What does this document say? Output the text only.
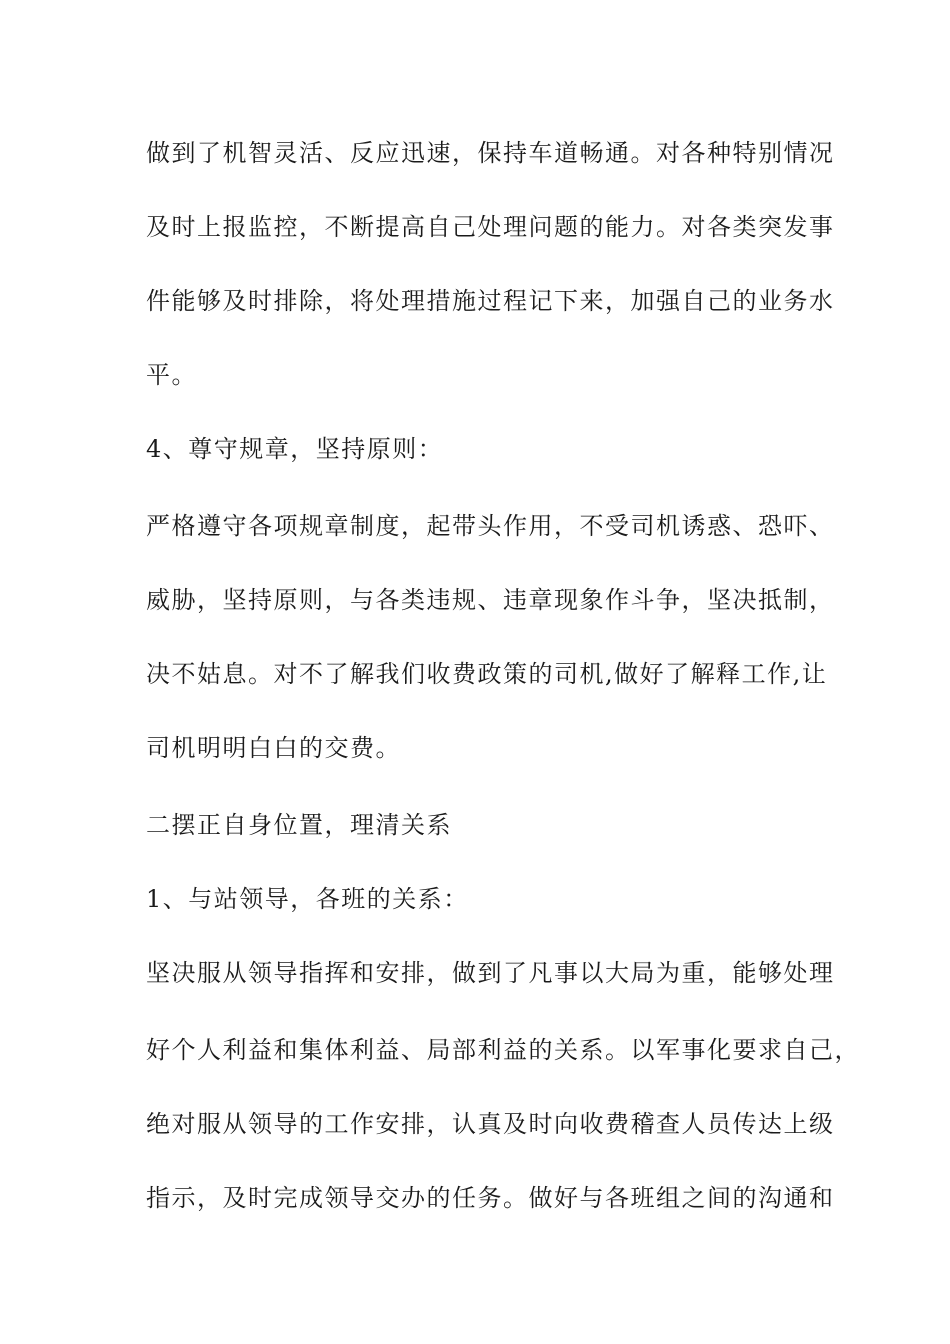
做到了机智灵活、反应迅速，保持车道畅通。对各种特别情况
及时上报监控，不断提高自己处理问题的能力。对各类突发事
件能够及时排除，将处理措施过程记下来，加强自己的业务水
平。
4、尊守规章，坚持原则：
严格遵守各项规章制度，起带头作用，不受司机诱惑、恐吓、
威胁，坚持原则，与各类违规、违章现象作斗争，坚决抵制，
决不姑息。对不了解我们收费政策的司机,做好了解释工作,让
司机明明白白的交费。
二摆正自身位置，理清关系
1、与站领导，各班的关系：
坚决服从领导指挥和安排，做到了凡事以大局为重，能够处理
好个人利益和集体利益、局部利益的关系。以军事化要求自己，
绝对服从领导的工作安排，认真及时向收费稽查人员传达上级
指示，及时完成领导交办的任务。做好与各班组之间的沟通和
